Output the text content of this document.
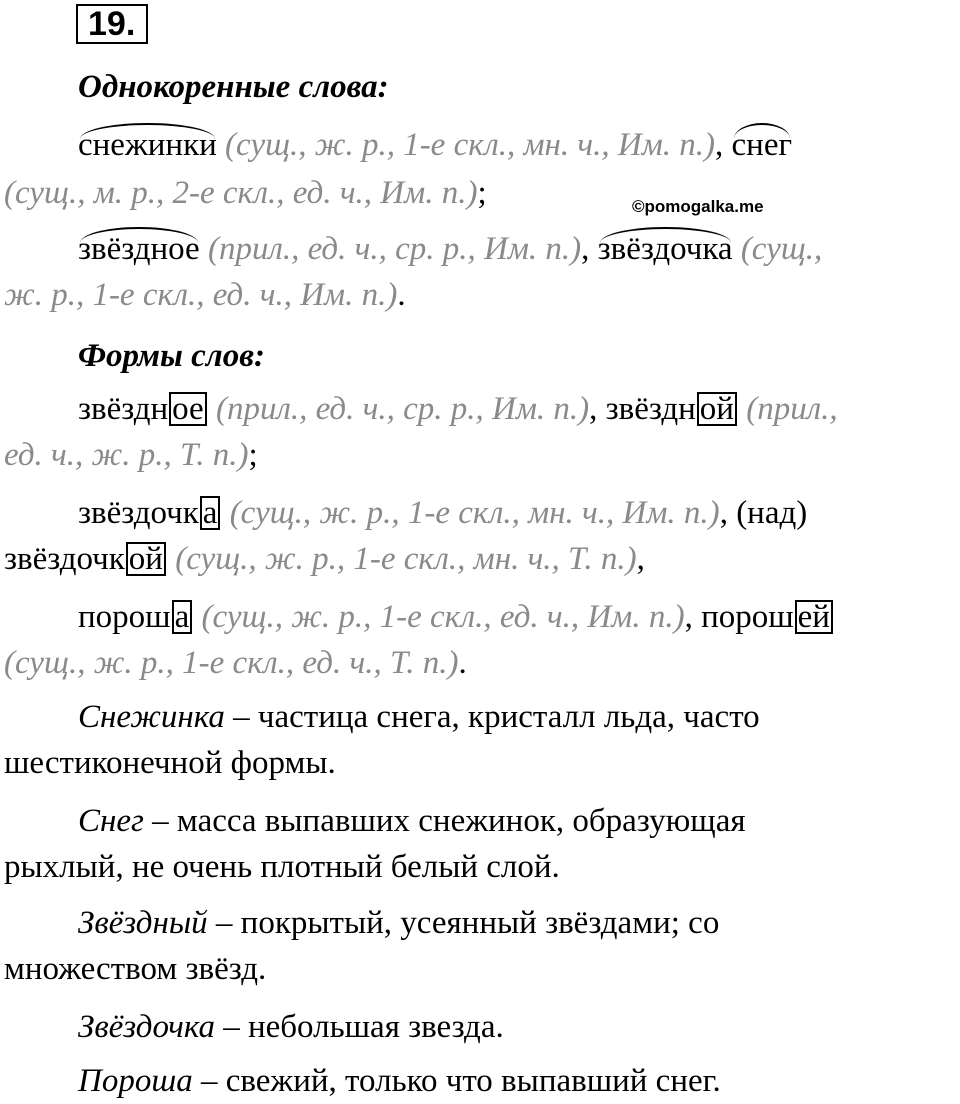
19.
©pomogalka.me
Однокоренные слова:
снежинки (сущ., ж. р., 1-е скл., мн. ч., Им. п.), снег
(сущ., м. р., 2-е скл., ед. ч., Им. п.);
звёздное (прил., ед. ч., ср. р., Им. п.), звёздочка (сущ.,
ж. р., 1-е скл., ед. ч., Им. п.).
Формы слов:
звёздн ое (прил., ед. ч., ср. р., Им. п.), звёздн ой (прил.,
ед. ч., ж. р., Т. п.);
звёздочк а (сущ., ж. р., 1-е скл., мн. ч., Им. п.), (над)
звёздочк ой (сущ., ж. р., 1-е скл., мн. ч., Т. п.),
порош а (сущ., ж. р., 1-е скл., ед. ч., Им. п.), порош ей
(сущ., ж. р., 1-е скл., ед. ч., Т. п.).
Снежинка – частица снега, кристалл льда, часто
шестиконечной формы.
Снег – масса выпавших снежинок, образующая
рыхлый, не очень плотный белый слой.
Звёздный – покрытый, усеянный звёздами; со
множеством звёзд.
Звёздочка – небольшая звезда.
Пороша – свежий, только что выпавший снег.
